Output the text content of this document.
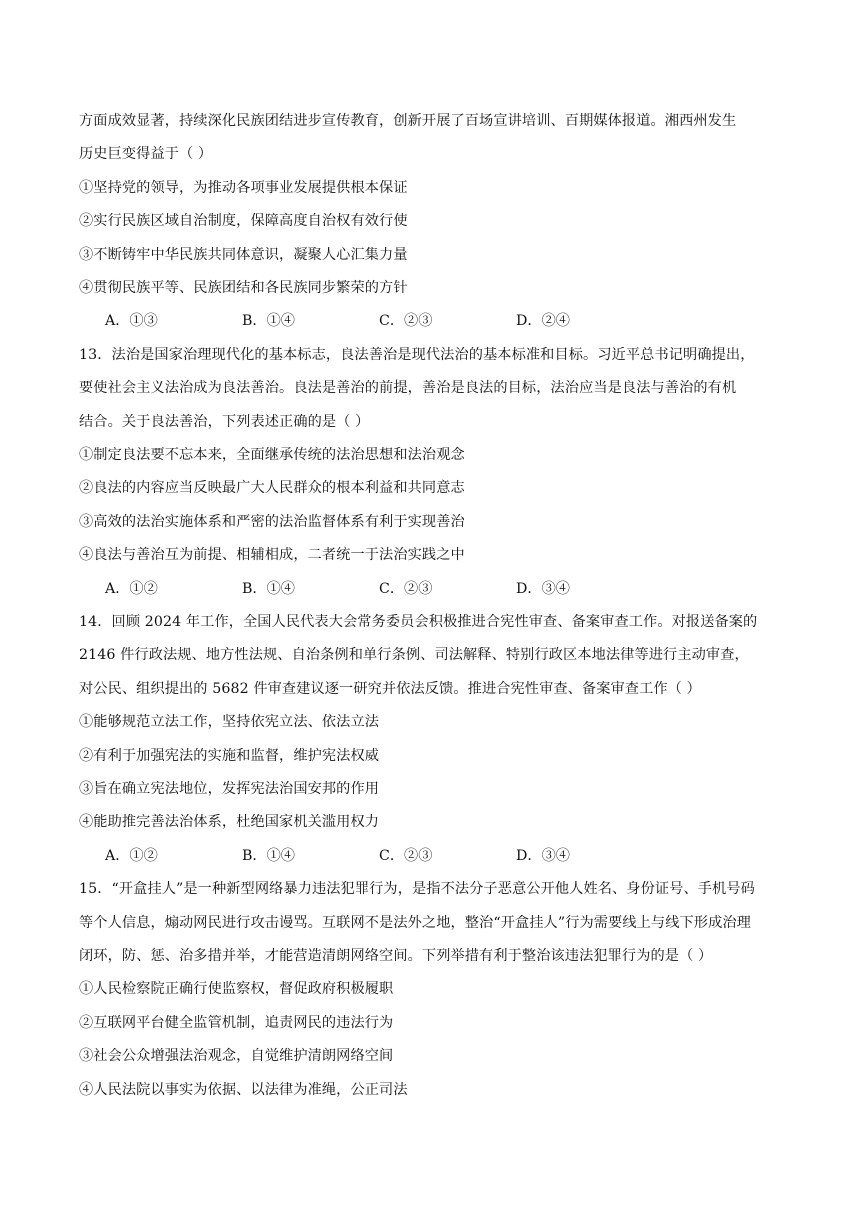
方面成效显著，持续深化民族团结进步宣传教育，创新开展了百场宣讲培训、百期媒体报道。湘西州发生
历史巨变得益于（ ）
①坚持党的领导，为推动各项事业发展提供根本保证
②实行民族区域自治制度，保障高度自治权有效行使
③不断铸牢中华民族共同体意识，凝聚人心汇集力量
④贯彻民族平等、民族团结和各民族同步繁荣的方针
A．①③	B．①④	C．②③	D．②④
13．法治是国家治理现代化的基本标志，良法善治是现代法治的基本标准和目标。习近平总书记明确提出，
要使社会主义法治成为良法善治。良法是善治的前提，善治是良法的目标，法治应当是良法与善治的有机
结合。关于良法善治，下列表述正确的是（ ）
①制定良法要不忘本来，全面继承传统的法治思想和法治观念
②良法的内容应当反映最广大人民群众的根本利益和共同意志
③高效的法治实施体系和严密的法治监督体系有利于实现善治
④良法与善治互为前提、相辅相成，二者统一于法治实践之中
A．①②	B．①④	C．②③	D．③④
14．回顾 2024 年工作，全国人民代表大会常务委员会积极推进合宪性审查、备案审查工作。对报送备案的
2146 件行政法规、地方性法规、自治条例和单行条例、司法解释、特别行政区本地法律等进行主动审查，
对公民、组织提出的 5682 件审查建议逐一研究并依法反馈。推进合宪性审查、备案审查工作（ ）
①能够规范立法工作，坚持依宪立法、依法立法
②有利于加强宪法的实施和监督，维护宪法权威
③旨在确立宪法地位，发挥宪法治国安邦的作用
④能助推完善法治体系，杜绝国家机关滥用权力
A．①②	B．①④	C．②③	D．③④
15．“开盒挂人”是一种新型网络暴力违法犯罪行为，是指不法分子恶意公开他人姓名、身份证号、手机号码
等个人信息，煽动网民进行攻击谩骂。互联网不是法外之地，整治“开盒挂人”行为需要线上与线下形成治理
闭环，防、惩、治多措并举，才能营造清朗网络空间。下列举措有利于整治该违法犯罪行为的是（ ）
①人民检察院正确行使监察权，督促政府积极履职
②互联网平台健全监管机制，追责网民的违法行为
③社会公众增强法治观念，自觉维护清朗网络空间
④人民法院以事实为依据、以法律为准绳，公正司法
